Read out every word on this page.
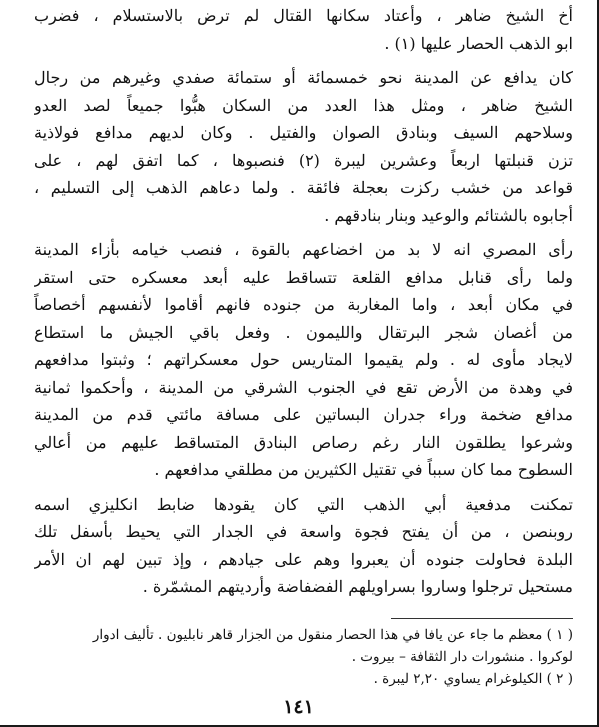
أخ الشيخ ضاهر ، وأعتاد سكانها القتال لم ترض بالاستسلام ، فضرب
ابو الذهب الحصار عليها (١) .
كان يدافع عن المدينة نحو خمسمائة أو ستمائة صفدي وغيرهم من رجال
الشيخ ضاهر ، ومثل هذا العدد من السكان هبُّوا جميعاً لصد العدو
وسلاحهم السيف وبنادق الصوان والفتيل . وكان لديهم مدافع فولاذية
تزن قنبلتها اربعاً وعشرين ليبرة (٢) فنصبوها ، كما اتفق لهم ، على
قواعد من خشب ركزت بعجلة فائقة . ولما دعاهم الذهب إلى التسليم ،
أجابوه بالشتائم والوعيد وبنار بنادقهم .
رأى المصري انه لا بد من اخضاعهم بالقوة ، فنصب خيامه بأزاء المدينة
ولما رأى قنابل مدافع القلعة تتساقط عليه أبعد معسكره حتى استقر
في مكان أبعد ، واما المغاربة من جنوده فانهم أقاموا لأنفسهم أخصاصاً
من أغصان شجر البرتقال والليمون . وفعل باقي الجيش ما استطاع
لايجاد مأوى له . ولم يقيموا المتاريس حول معسكراتهم ؛ وثبتوا مدافعهم
في وهدة من الأرض تقع في الجنوب الشرقي من المدينة ، وأحكموا ثمانية
مدافع ضخمة وراء جدران البساتين على مسافة مائتي قدم من المدينة
وشرعوا يطلقون النار رغم رصاص البنادق المتساقط عليهم من أعالي
السطوح مما كان سبباً في تقتيل الكثيرين من مطلقي مدافعهم .
تمكنت مدفعية أبي الذهب التي كان يقودها ضابط انكليزي اسمه
روبنصن ، من أن يفتح فجوة واسعة في الجدار التي يحيط بأسفل تلك
البلدة فحاولت جنوده أن يعبروا وهم على جيادهم ، وإذ تبين لهم ان الأمر
مستحيل ترجلوا وساروا بسراويلهم الفضفاضة وأرديتهم المشمّرة .
( ١ ) معظم ما جاء عن يافا في هذا الحصار منقول من الجزار قاهر نابليون . تأليف ادوار
لوكروا . منشورات دار الثقافة – بيروت .
( ٢ ) الكيلوغرام يساوي ٢,٢٠ ليبرة .
١٤١
